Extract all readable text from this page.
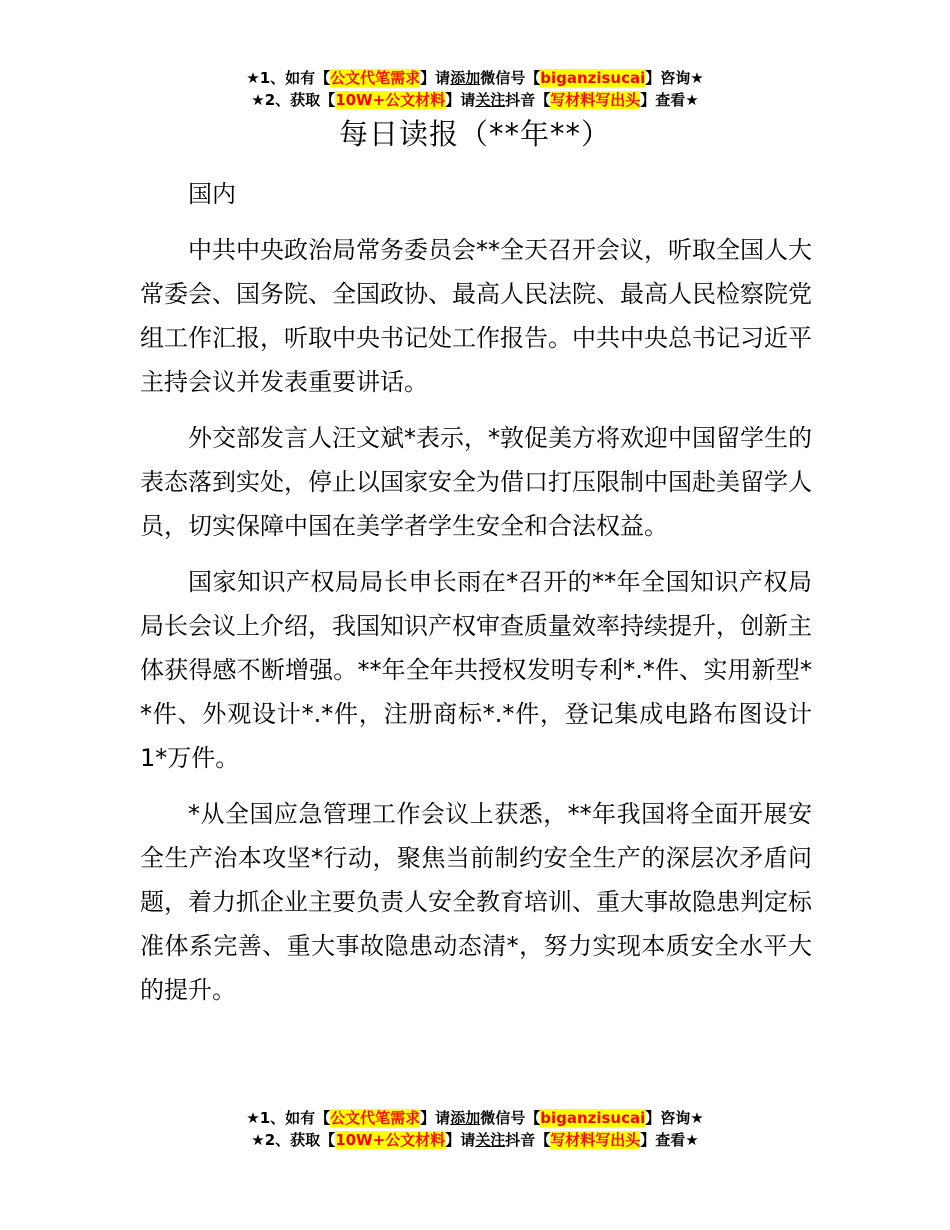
★1、如有【公文代笔需求】请添加微信号【biganzisucai】咨询★
★2、获取【10W+公文材料】请关注抖音【写材料写出头】查看★
每日读报（**年**）

国内

中共中央政治局常务委员会**全天召开会议，听取全国人大常委会、国务院、全国政协、最高人民法院、最高人民检察院党组工作汇报，听取中央书记处工作报告。中共中央总书记习近平主持会议并发表重要讲话。

外交部发言人汪文斌*表示，*敦促美方将欢迎中国留学生的表态落到实处，停止以国家安全为借口打压限制中国赴美留学人员，切实保障中国在美学者学生安全和合法权益。

国家知识产权局局长申长雨在*召开的**年全国知识产权局局长会议上介绍，我国知识产权审查质量效率持续提升，创新主体获得感不断增强。**年全年共授权发明专利*.*件、实用新型**件、外观设计*.*件，注册商标*.*件，登记集成电路布图设计 1*万件。

*从全国应急管理工作会议上获悉，**年我国将全面开展安全生产治本攻坚*行动，聚焦当前制约安全生产的深层次矛盾问题，着力抓企业主要负责人安全教育培训、重大事故隐患判定标准体系完善、重大事故隐患动态清*，努力实现本质安全水平大的提升。

★1、如有【公文代笔需求】请添加微信号【biganzisucai】咨询★
★2、获取【10W+公文材料】请关注抖音【写材料写出头】查看★
